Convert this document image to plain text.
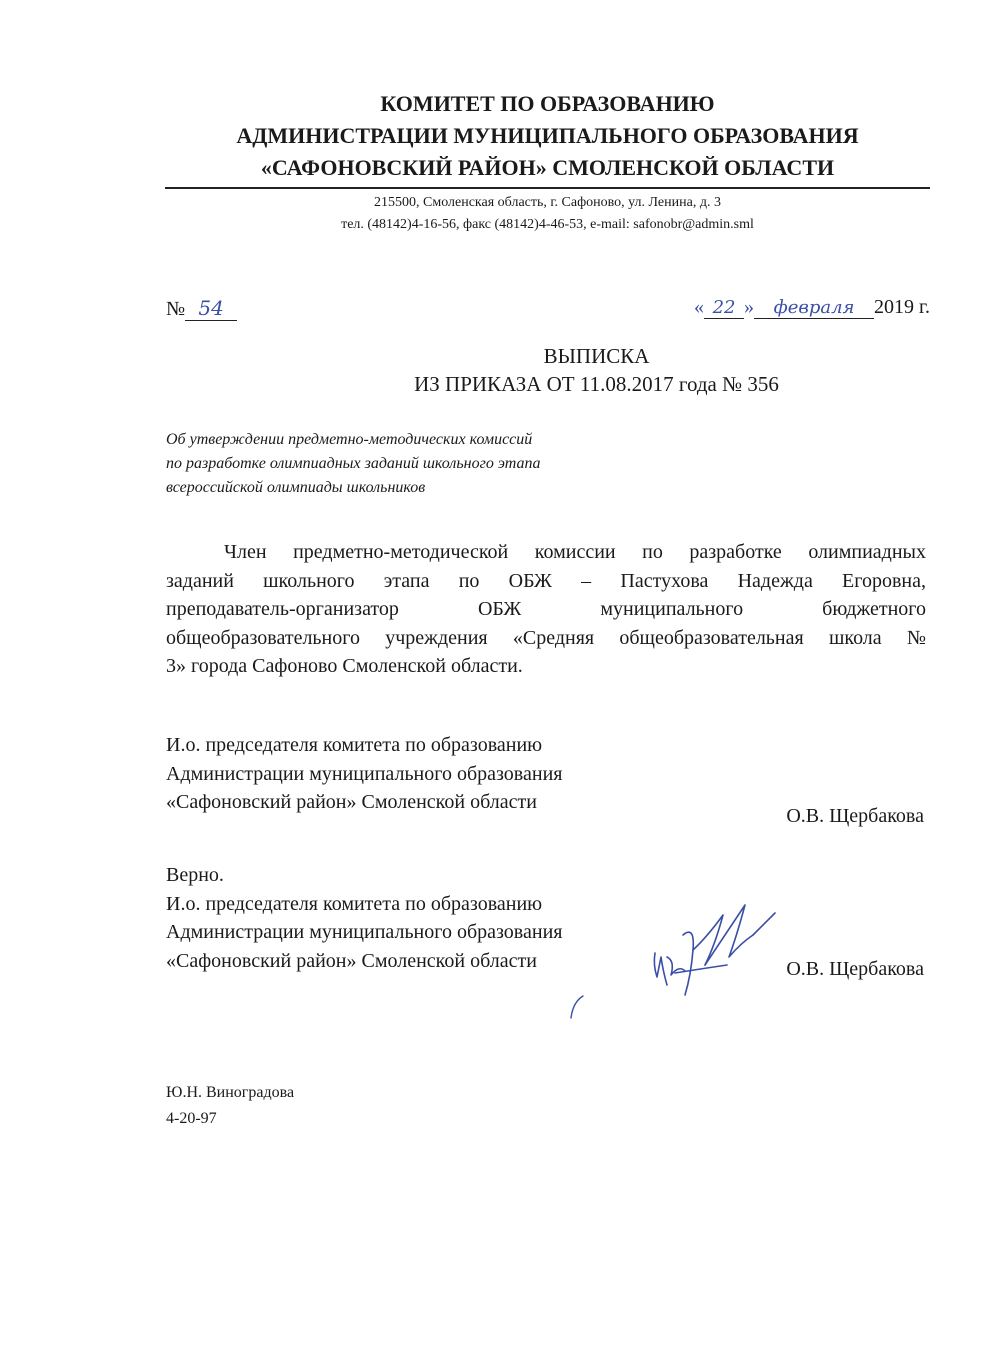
КОМИТЕТ ПО ОБРАЗОВАНИЮ
АДМИНИСТРАЦИИ МУНИЦИПАЛЬНОГО ОБРАЗОВАНИЯ
«САФОНОВСКИЙ РАЙОН» СМОЛЕНСКОЙ ОБЛАСТИ
215500, Смоленская область, г. Сафоново, ул. Ленина, д. 3
тел. (48142)4-16-56, факс (48142)4-46-53, e-mail: safonobr@admin.sml
№ 54	« 22 » февраля 2019 г.
ВЫПИСКА
ИЗ ПРИКАЗА ОТ 11.08.2017 года № 356
Об утверждении предметно-методических комиссий
по разработке олимпиадных заданий школьного этапа
всероссийской олимпиады школьников
Член предметно-методической комиссии по разработке олимпиадных
заданий школьного этапа по ОБЖ – Пастухова Надежда Егоровна,
преподаватель-организатор ОБЖ муниципального бюджетного
общеобразовательного учреждения «Средняя общеобразовательная школа №
3» города Сафоново Смоленской области.
И.о. председателя комитета по образованию
Администрации муниципального образования
«Сафоновский район» Смоленской области
О.В. Щербакова
Верно.
И.о. председателя комитета по образованию
Администрации муниципального образования
«Сафоновский район» Смоленской области	О.В. Щербакова
Ю.Н. Виноградова
4-20-97
